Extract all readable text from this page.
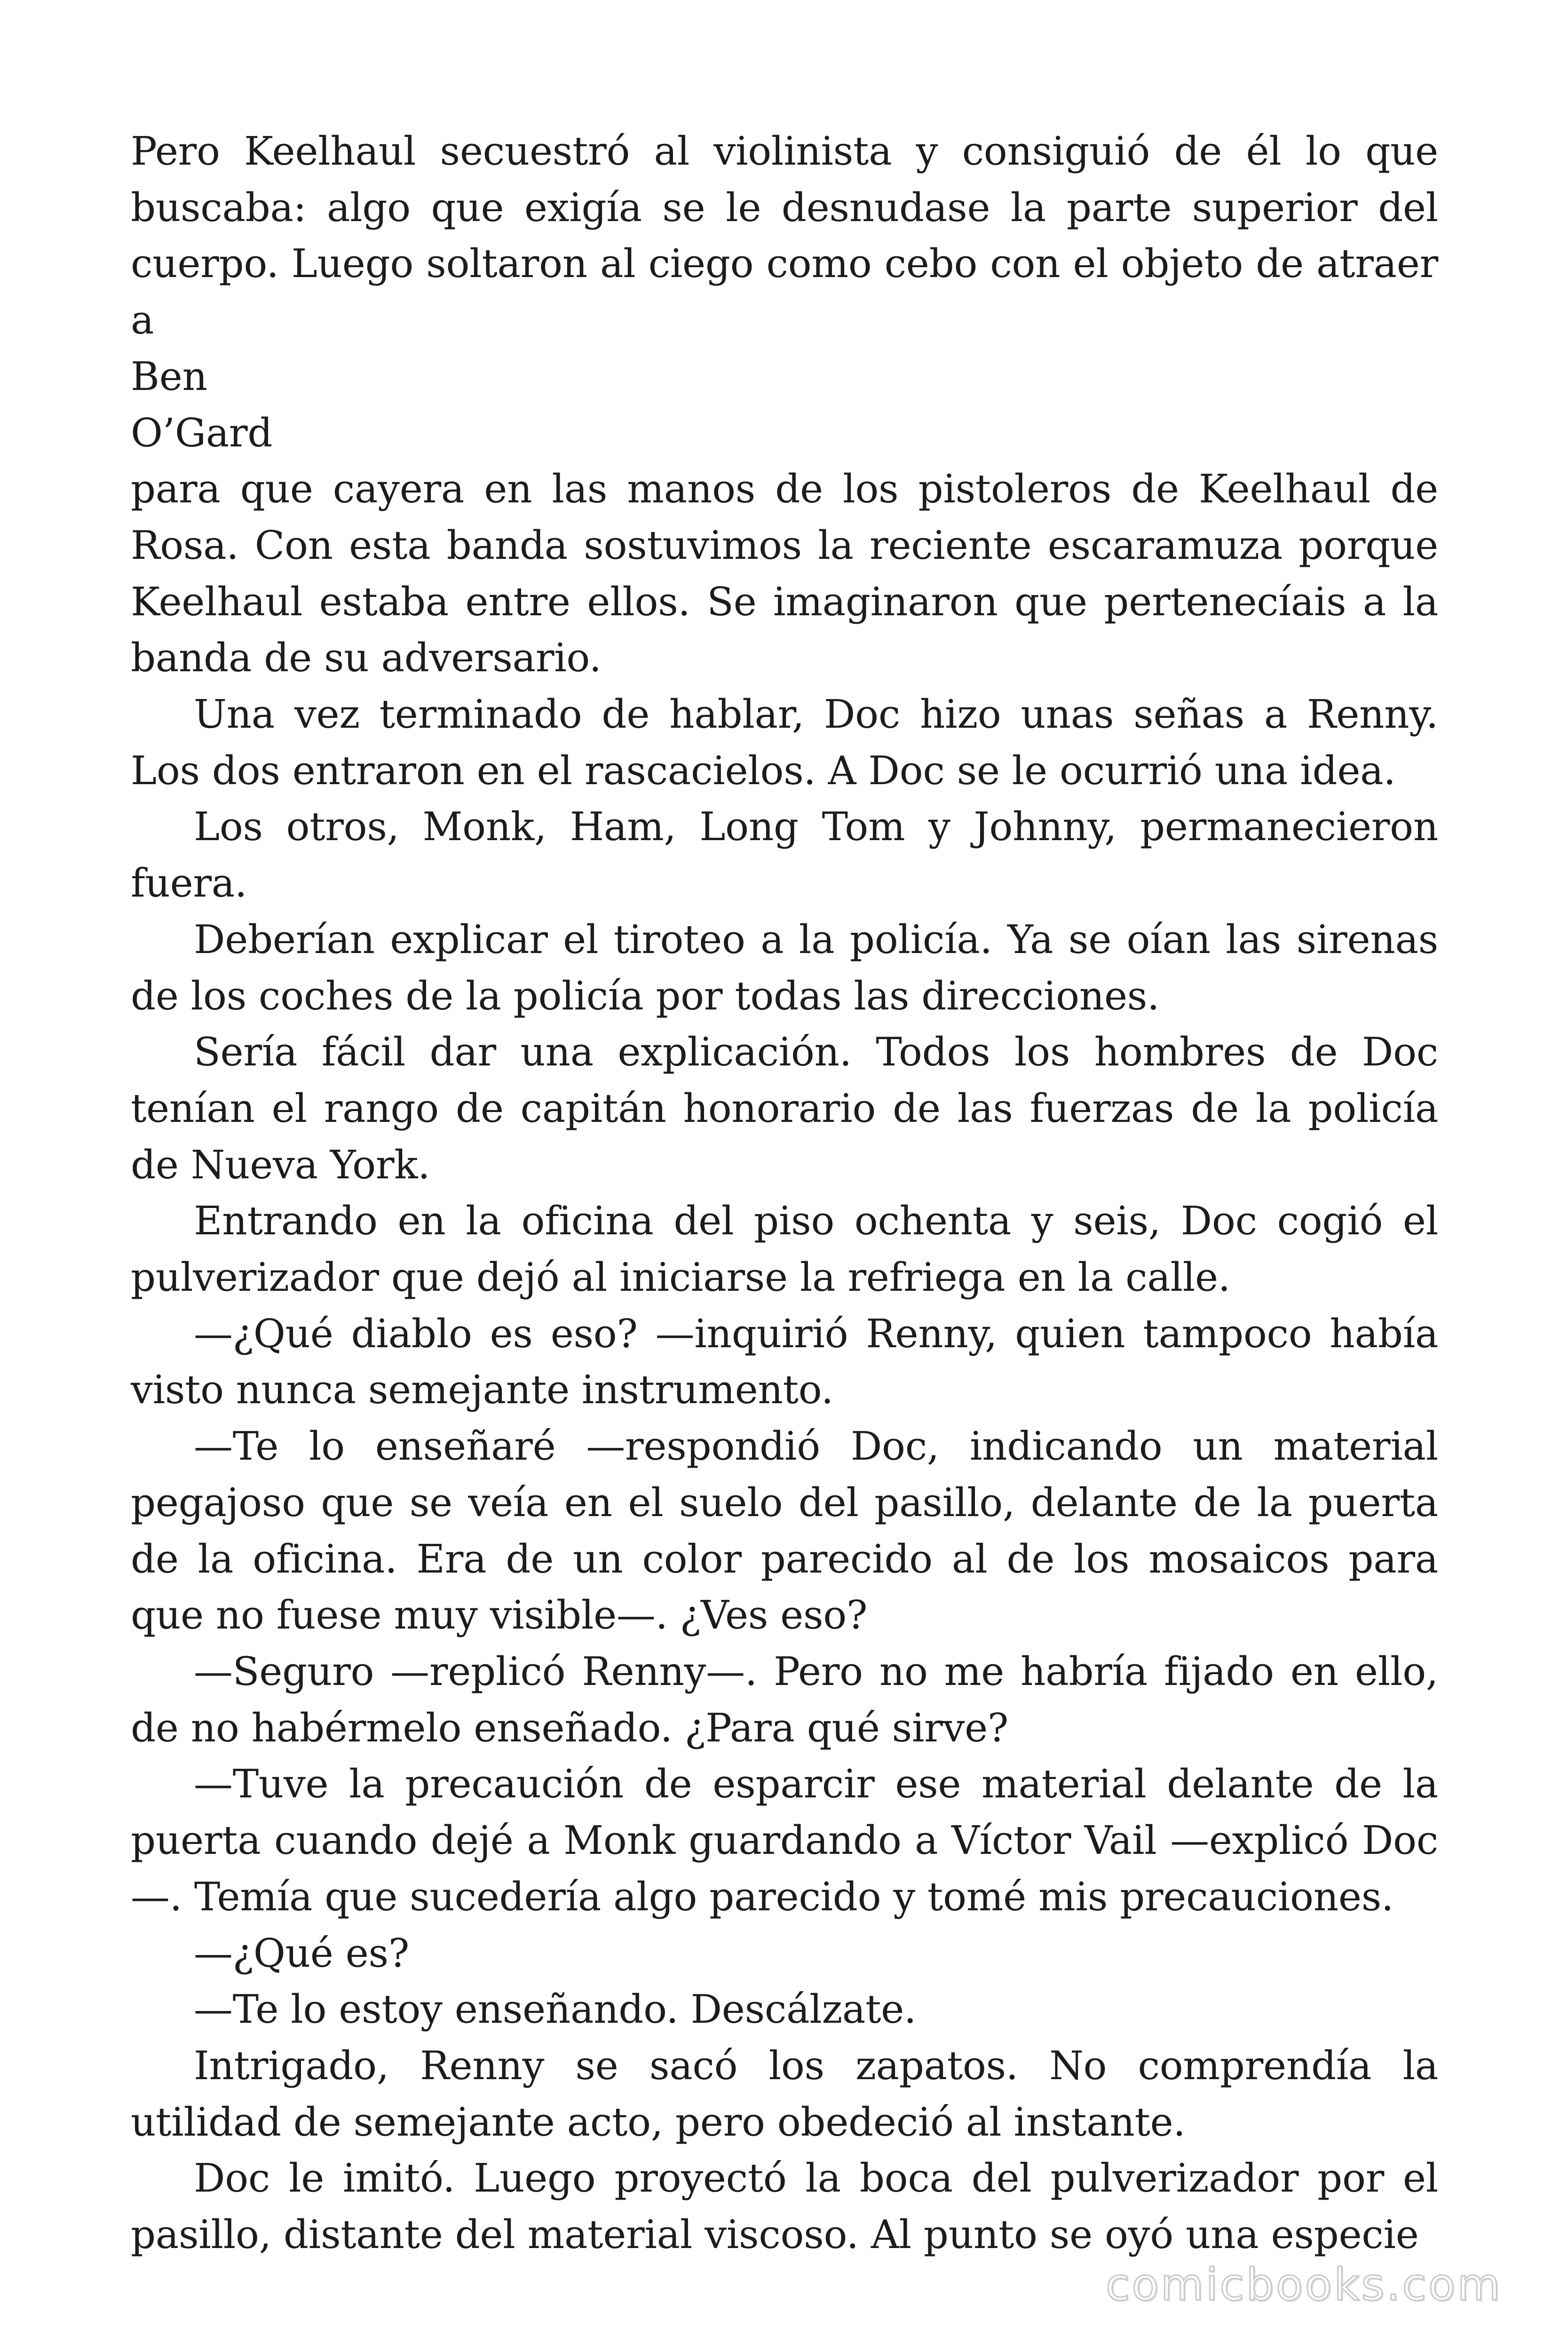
Pero Keelhaul secuestró al violinista y consiguió de él lo que buscaba: algo que exigía se le desnudase la parte superior del cuerpo. Luego soltaron al ciego como cebo con el objeto de atraer a

Ben

O’Gard

para que cayera en las manos de los pistoleros de Keelhaul de Rosa. Con esta banda sostuvimos la reciente escaramuza porque Keelhaul estaba entre ellos. Se imaginaron que pertenecíais a la banda de su adversario.

Una vez terminado de hablar, Doc hizo unas señas a Renny. Los dos entraron en el rascacielos. A Doc se le ocurrió una idea.

Los otros, Monk, Ham, Long Tom y Johnny, permanecieron fuera.

Deberían explicar el tiroteo a la policía. Ya se oían las sirenas de los coches de la policía por todas las direcciones.

Sería fácil dar una explicación. Todos los hombres de Doc tenían el rango de capitán honorario de las fuerzas de la policía de Nueva York.

Entrando en la oficina del piso ochenta y seis, Doc cogió el pulverizador que dejó al iniciarse la refriega en la calle.

—¿Qué diablo es eso? —inquirió Renny, quien tampoco había visto nunca semejante instrumento.

—Te lo enseñaré —respondió Doc, indicando un material pegajoso que se veía en el suelo del pasillo, delante de la puerta de la oficina. Era de un color parecido al de los mosaicos para que no fuese muy visible—. ¿Ves eso?

—Seguro —replicó Renny—. Pero no me habría fijado en ello, de no habérmelo enseñado. ¿Para qué sirve?

—Tuve la precaución de esparcir ese material delante de la puerta cuando dejé a Monk guardando a Víctor Vail —explicó Doc —. Temía que sucedería algo parecido y tomé mis precauciones.

—¿Qué es?

—Te lo estoy enseñando. Descálzate.

Intrigado, Renny se sacó los zapatos. No comprendía la utilidad de semejante acto, pero obedeció al instante.

Doc le imitó. Luego proyectó la boca del pulverizador por el pasillo, distante del material viscoso. Al punto se oyó una especie

comicbooks.com
